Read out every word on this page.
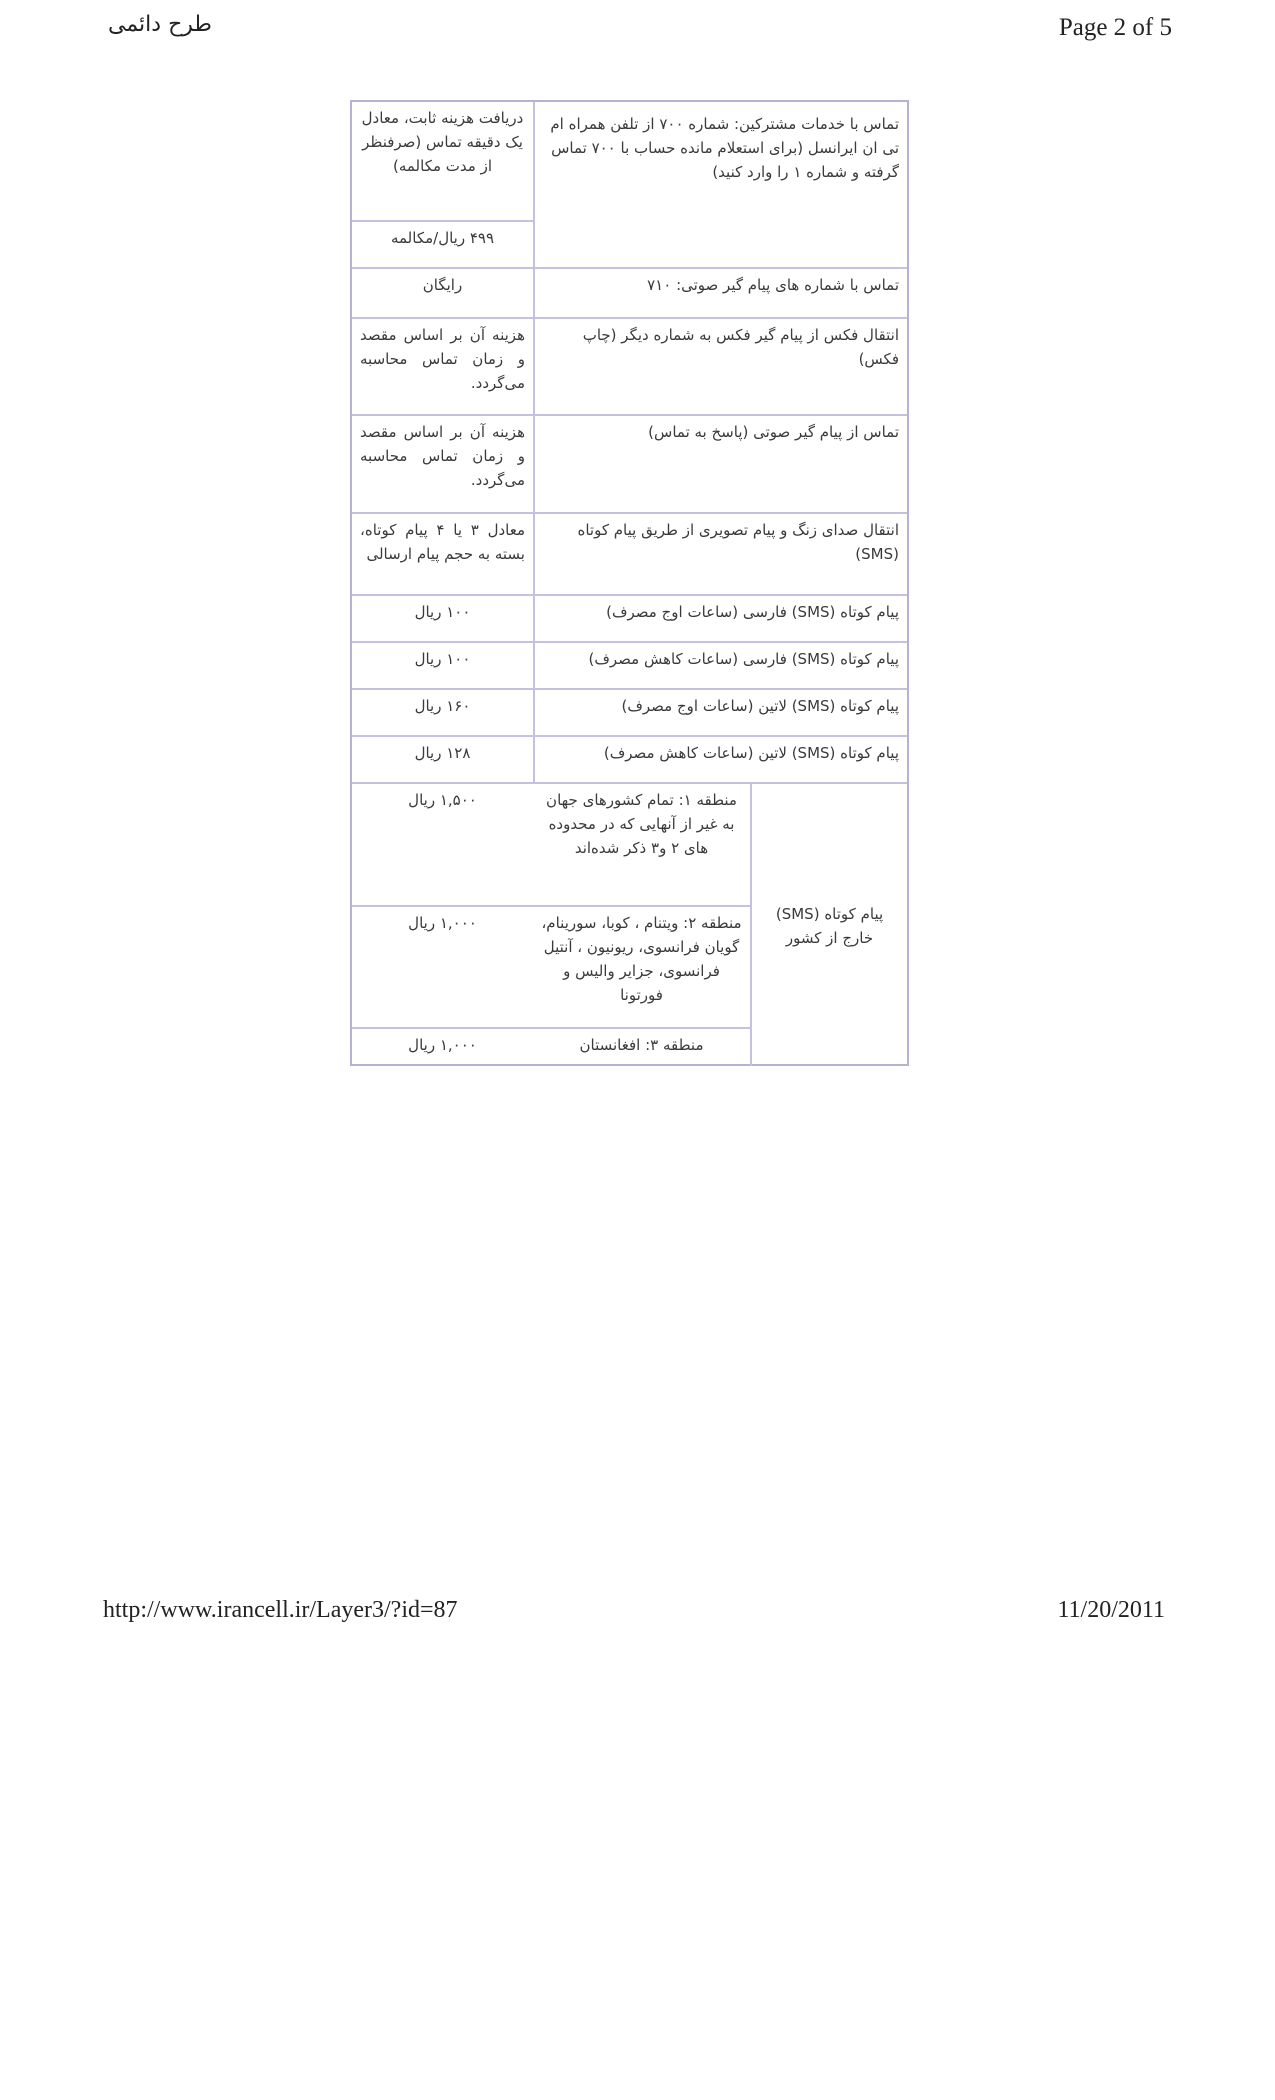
طرح دائمی	Page 2 of 5
تماس با خدمات مشترکین: شماره ۷۰۰ از تلفن همراه ام تی ان ایرانسل (برای استعلام مانده حساب با ۷۰۰ تماس گرفته و شماره ۱ را وارد کنید)
دریافت هزینه ثابت، معادل یک دقیقه تماس (صرفنظر از مدت مکالمه)
۴۹۹ ریال/مکالمه
تماس با شماره های پیام گیر صوتی: ۷۱۰
رایگان
انتقال فکس از پیام گیر فکس به شماره دیگر (چاپ فکس)
هزینه آن بر اساس مقصد و زمان تماس محاسبه می‌گردد.
تماس از پیام گیر صوتی (پاسخ به تماس)
هزینه آن بر اساس مقصد و زمان تماس محاسبه می‌گردد.
انتقال صدای زنگ و پیام تصویری از طریق پیام کوتاه (SMS)
معادل ۳ یا ۴ پیام کوتاه، بسته به حجم پیام ارسالی
پیام کوتاه (SMS) فارسی (ساعات اوج مصرف)
۱۰۰ ریال
پیام کوتاه (SMS) فارسی (ساعات کاهش مصرف)
۱۰۰ ریال
پیام کوتاه (SMS) لاتین (ساعات اوج مصرف)
۱۶۰ ریال
پیام کوتاه (SMS) لاتین (ساعات کاهش مصرف)
۱۲۸ ریال
پیام کوتاه (SMS) خارج از کشور
منطقه ۱: تمام کشورهای جهان به غیر از آنهایی که در محدوده های ۲ و۳ ذکر شده‌اند
۱,۵۰۰ ریال
منطقه ۲: ویتنام ، کوبا، سورینام، گویان فرانسوی، ریونیون ، آنتیل فرانسوی، جزایر والیس و فورتونا
۱,۰۰۰ ریال
منطقه ۳: افغانستان
۱,۰۰۰ ریال
http://www.irancell.ir/Layer3/?id=87	11/20/2011
